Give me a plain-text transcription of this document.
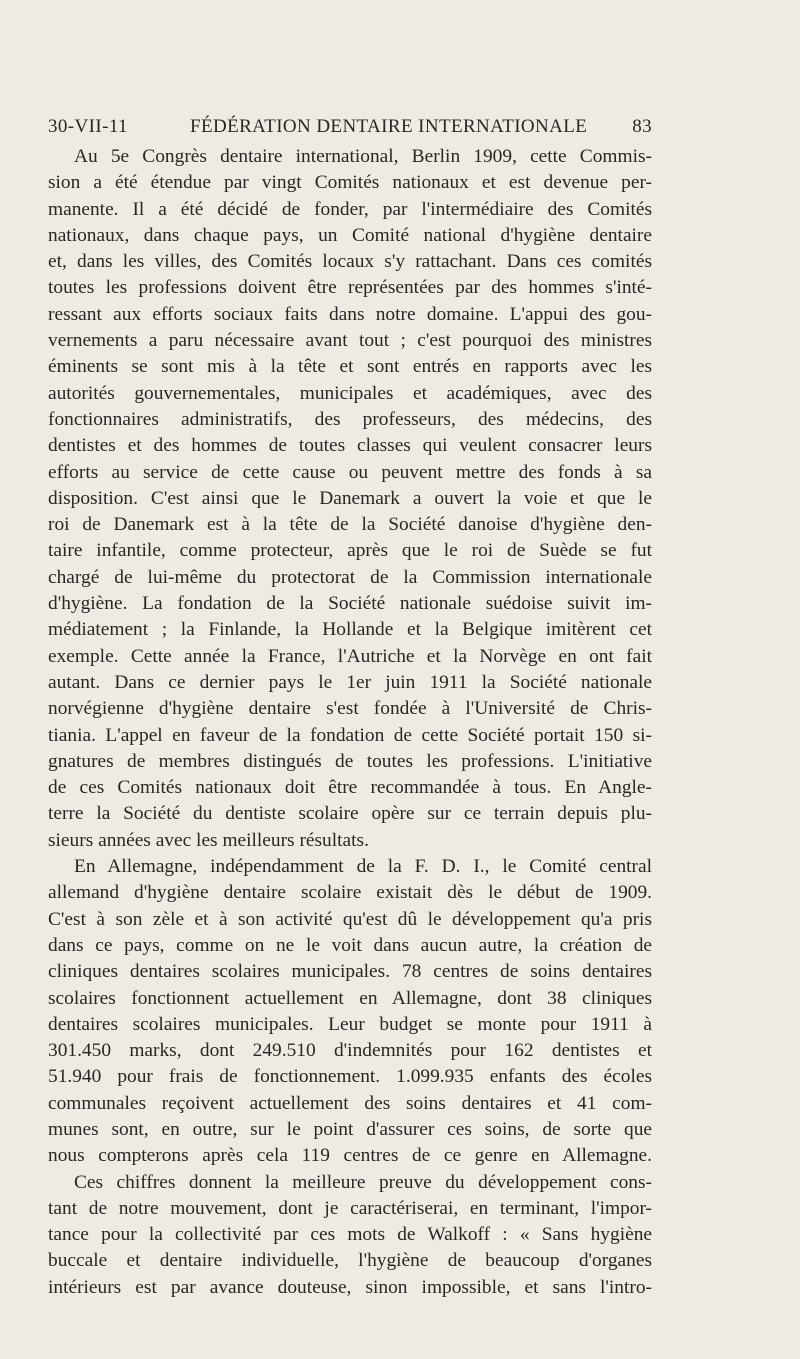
30-VII-11	FÉDÉRATION DENTAIRE INTERNATIONALE 83
Au 5e Congrès dentaire international, Berlin 1909, cette Commis-
sion a été étendue par vingt Comités nationaux et est devenue per-
manente. Il a été décidé de fonder, par l'intermédiaire des Comités
nationaux, dans chaque pays, un Comité national d'hygiène dentaire
et, dans les villes, des Comités locaux s'y rattachant. Dans ces comités
toutes les professions doivent être représentées par des hommes s'inté-
ressant aux efforts sociaux faits dans notre domaine. L'appui des gou-
vernements a paru nécessaire avant tout ; c'est pourquoi des ministres
éminents se sont mis à la tête et sont entrés en rapports avec les
autorités gouvernementales, municipales et académiques, avec des
fonctionnaires administratifs, des professeurs, des médecins, des
dentistes et des hommes de toutes classes qui veulent consacrer leurs
efforts au service de cette cause ou peuvent mettre des fonds à sa
disposition. C'est ainsi que le Danemark a ouvert la voie et que le
roi de Danemark est à la tête de la Société danoise d'hygiène den-
taire infantile, comme protecteur, après que le roi de Suède se fut
chargé de lui-même du protectorat de la Commission internationale
d'hygiène. La fondation de la Société nationale suédoise suivit im-
médiatement ; la Finlande, la Hollande et la Belgique imitèrent cet
exemple. Cette année la France, l'Autriche et la Norvège en ont fait
autant. Dans ce dernier pays le 1er juin 1911 la Société nationale
norvégienne d'hygiène dentaire s'est fondée à l'Université de Chris-
tiania. L'appel en faveur de la fondation de cette Société portait 150 si-
gnatures de membres distingués de toutes les professions. L'initiative
de ces Comités nationaux doit être recommandée à tous. En Angle-
terre la Société du dentiste scolaire opère sur ce terrain depuis plu-
sieurs années avec les meilleurs résultats.
En Allemagne, indépendamment de la F. D. I., le Comité central
allemand d'hygiène dentaire scolaire existait dès le début de 1909.
C'est à son zèle et à son activité qu'est dû le développement qu'a pris
dans ce pays, comme on ne le voit dans aucun autre, la création de
cliniques dentaires scolaires municipales. 78 centres de soins dentaires
scolaires fonctionnent actuellement en Allemagne, dont 38 cliniques
dentaires scolaires municipales. Leur budget se monte pour 1911 à
301.450 marks, dont 249.510 d'indemnités pour 162 dentistes et
51.940 pour frais de fonctionnement. 1.099.935 enfants des écoles
communales reçoivent actuellement des soins dentaires et 41 com-
munes sont, en outre, sur le point d'assurer ces soins, de sorte que
nous compterons après cela 119 centres de ce genre en Allemagne.
Ces chiffres donnent la meilleure preuve du développement cons-
tant de notre mouvement, dont je caractériserai, en terminant, l'impor-
tance pour la collectivité par ces mots de Walkoff : « Sans hygiène
buccale et dentaire individuelle, l'hygiène de beaucoup d'organes
intérieurs est par avance douteuse, sinon impossible, et sans l'intro-
